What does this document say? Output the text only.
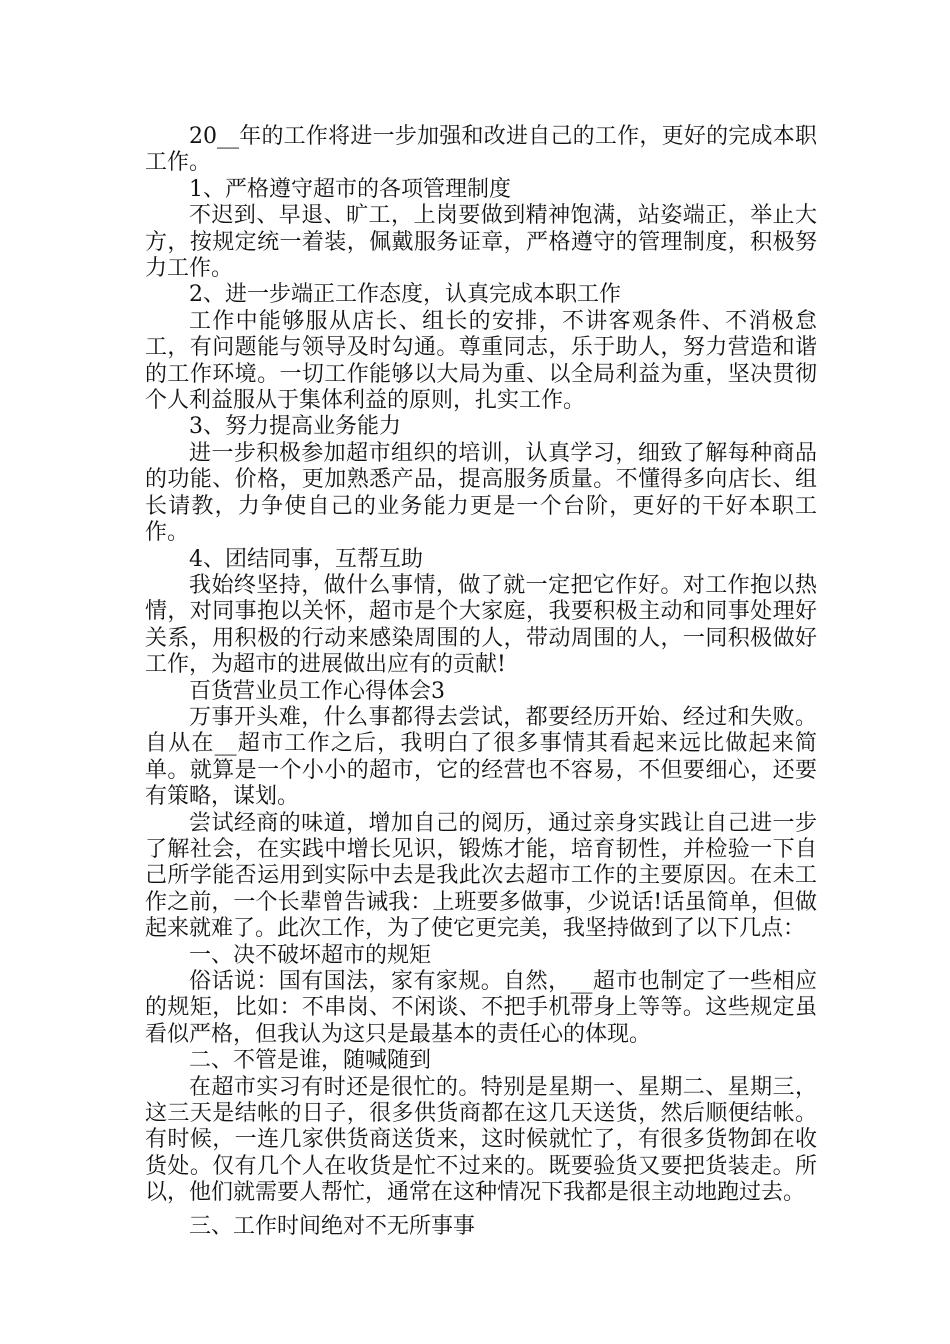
20__年的工作将进一步加强和改进自己的工作，更好的完成本职工作。

1、严格遵守超市的各项管理制度

不迟到、早退、旷工，上岗要做到精神饱满，站姿端正，举止大方，按规定统一着装，佩戴服务证章，严格遵守的管理制度，积极努力工作。

2、进一步端正工作态度，认真完成本职工作

工作中能够服从店长、组长的安排，不讲客观条件、不消极怠工，有问题能与领导及时勾通。尊重同志，乐于助人，努力营造和谐的工作环境。一切工作能够以大局为重、以全局利益为重，坚决贯彻个人利益服从于集体利益的原则，扎实工作。

3、努力提高业务能力

进一步积极参加超市组织的培训，认真学习，细致了解每种商品的功能、价格，更加熟悉产品，提高服务质量。不懂得多向店长、组长请教，力争使自己的业务能力更是一个台阶，更好的干好本职工作。

4、团结同事，互帮互助

我始终坚持，做什么事情，做了就一定把它作好。对工作抱以热情，对同事抱以关怀，超市是个大家庭，我要积极主动和同事处理好关系，用积极的行动来感染周围的人，带动周围的人，一同积极做好工作，为超市的进展做出应有的贡献!

百货营业员工作心得体会3

万事开头难，什么事都得去尝试，都要经历开始、经过和失败。自从在__超市工作之后，我明白了很多事情其看起来远比做起来简单。就算是一个小小的超市，它的经营也不容易，不但要细心，还要有策略，谋划。

尝试经商的味道，增加自己的阅历，通过亲身实践让自己进一步了解社会，在实践中增长见识，锻炼才能，培育韧性，并检验一下自己所学能否运用到实际中去是我此次去超市工作的主要原因。在未工作之前，一个长辈曾告诫我：上班要多做事，少说话!话虽简单，但做起来就难了。此次工作，为了使它更完美，我坚持做到了以下几点：

一、决不破坏超市的规矩

俗话说：国有国法，家有家规。自然，__超市也制定了一些相应的规矩，比如：不串岗、不闲谈、不把手机带身上等等。这些规定虽看似严格，但我认为这只是最基本的责任心的体现。

二、不管是谁，随喊随到

在超市实习有时还是很忙的。特别是星期一、星期二、星期三，这三天是结帐的日子，很多供货商都在这几天送货，然后顺便结帐。有时候，一连几家供货商送货来，这时候就忙了，有很多货物卸在收货处。仅有几个人在收货是忙不过来的。既要验货又要把货装走。所以，他们就需要人帮忙，通常在这种情况下我都是很主动地跑过去。

三、工作时间绝对不无所事事
